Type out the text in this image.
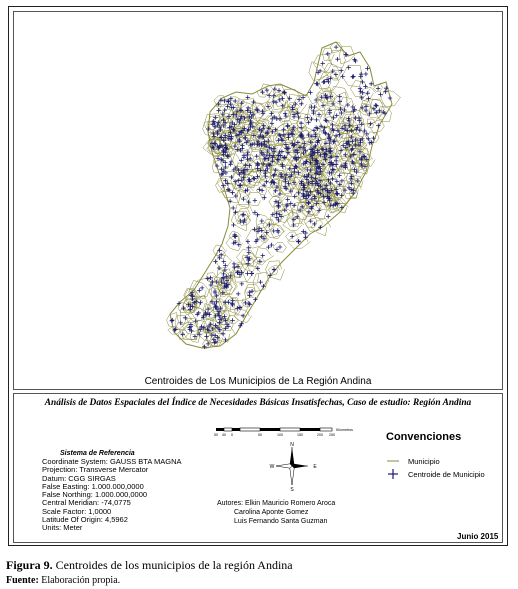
Centroides de Los Municipios de La Región Andina
Análisis de Datos Espaciales del Índice de Necesidades Básicas Insatisfechas, Caso de estudio: Región Andina
50 40 0	50	100	150	200 250
Kilometros
N
S
E
W
Sistema de Referencia
Coordinate System: GAUSS BTA MAGNA
Projection: Transverse Mercator
Datum: CGG SIRGAS
False Easting: 1.000.000,0000
False Northing: 1.000.000,0000
Central Meridian: -74,0775
Scale Factor: 1,0000
Latitude Of Origin: 4,5962
Units: Meter
Autores: Elkin Mauricio Romero Aroca
Carolina Aponte Gomez
Luis Fernando Santa Guzman
Convenciones
Municipio
Centroide de Municipio
Junio 2015
Figura 9. Centroides de los municipios de la región Andina
Fuente: Elaboración propia.
